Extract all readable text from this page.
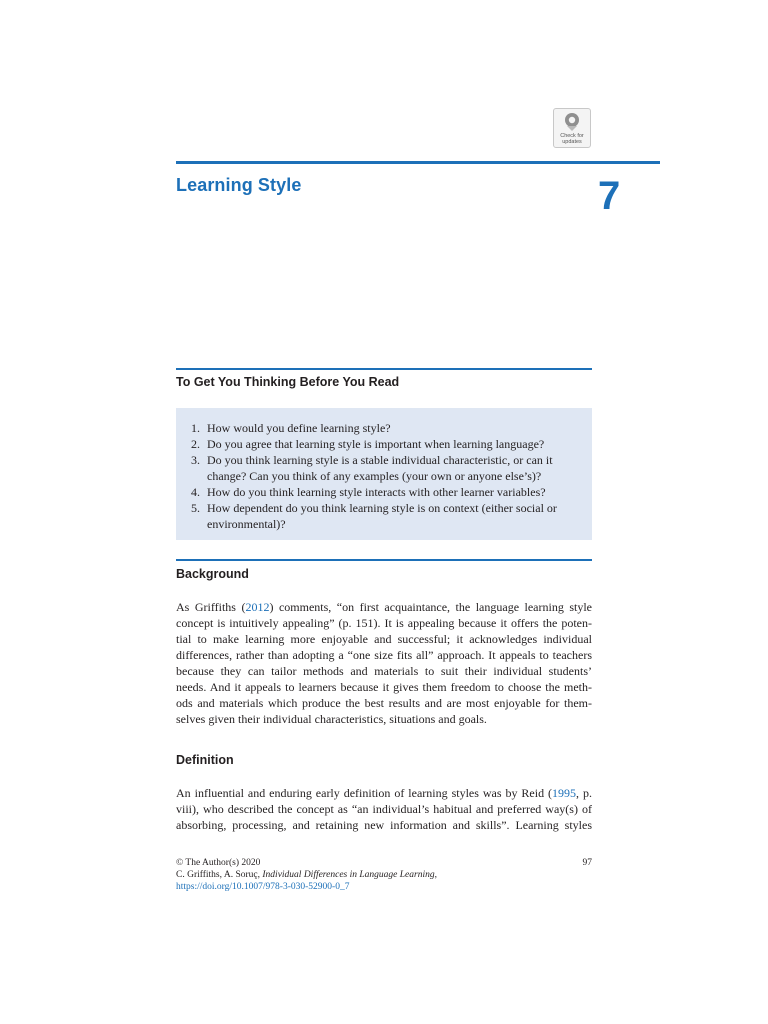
Check for
updates
Learning Style	7
To Get You Thinking Before You Read
1. How would you define learning style?
2. Do you agree that learning style is important when learning language?
3. Do you think learning style is a stable individual characteristic, or can it
change? Can you think of any examples (your own or anyone else’s)?
4. How do you think learning style interacts with other learner variables?
5. How dependent do you think learning style is on context (either social or
environmental)?
Background
As Griffiths (2012) comments, “on first acquaintance, the language learning style
concept is intuitively appealing” (p. 151). It is appealing because it offers the poten-
tial to make learning more enjoyable and successful; it acknowledges individual
differences, rather than adopting a “one size fits all” approach. It appeals to teachers
because they can tailor methods and materials to suit their individual students’
needs. And it appeals to learners because it gives them freedom to choose the meth-
ods and materials which produce the best results and are most enjoyable for them-
selves given their individual characteristics, situations and goals.
Definition
An influential and enduring early definition of learning styles was by Reid (1995, p.
viii), who described the concept as “an individual’s habitual and preferred way(s) of
absorbing, processing, and retaining new information and skills”. Learning styles
© The Author(s) 2020
C. Griffiths, A. Soruç, Individual Differences in Language Learning,
https://doi.org/10.1007/978-3-030-52900-0_7
97
